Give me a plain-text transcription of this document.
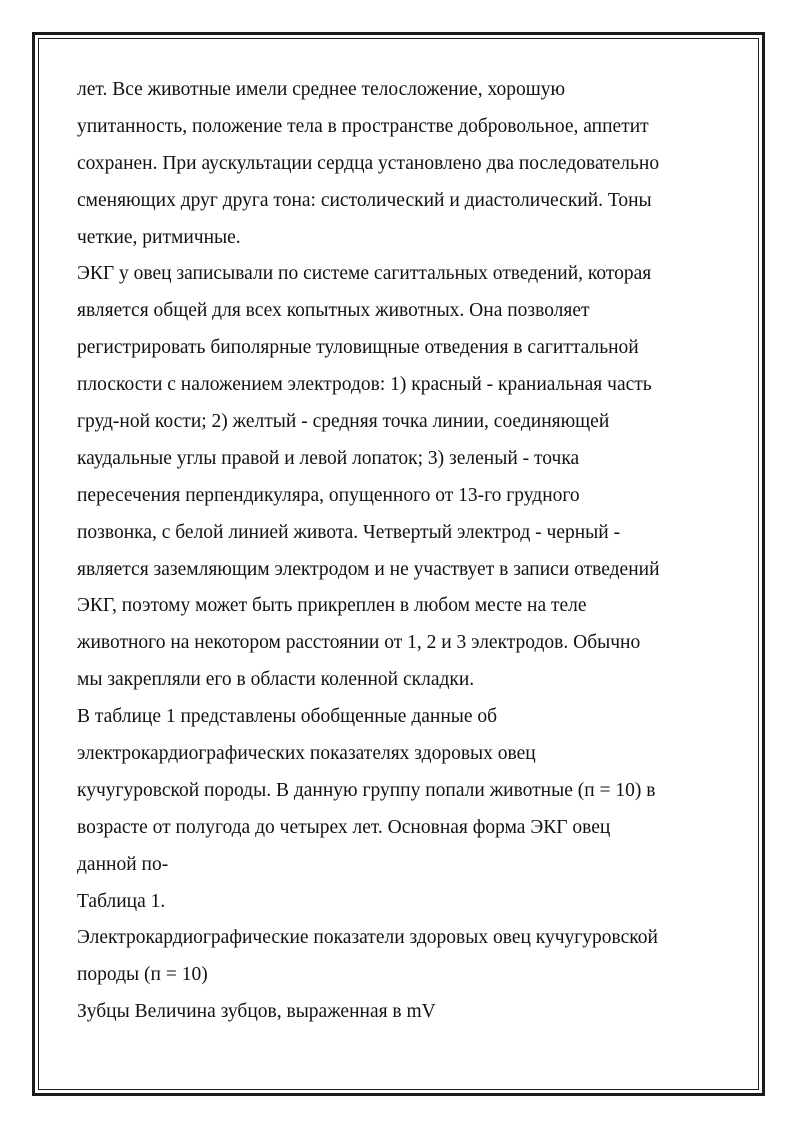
лет. Все животные имели среднее телосложение, хорошую
упитанность, положение тела в пространстве добровольное, аппетит
сохранен. При аускультации сердца установлено два последовательно
сменяющих друг друга тона: систолический и диастолический. Тоны
четкие, ритмичные.
ЭКГ у овец записывали по системе сагиттальных отведений, которая
является общей для всех копытных животных. Она позволяет
регистрировать биполярные туловищные отведения в сагиттальной
плоскости с наложением электродов: 1) красный - краниальная часть
груд-ной кости; 2) желтый - средняя точка линии, соединяющей
каудальные углы правой и левой лопаток; 3) зеленый - точка
пересечения перпендикуляра, опущенного от 13-го грудного
позвонка, с белой линией живота. Четвертый электрод - черный -
является заземляющим электродом и не участвует в записи отведений
ЭКГ, поэтому может быть прикреплен в любом месте на теле
животного на некотором расстоянии от 1, 2 и 3 электродов. Обычно
мы закрепляли его в области коленной складки.
В таблице 1 представлены обобщенные данные об
электрокардиографических показателях здоровых овец
кучугуровской породы. В данную группу попали животные (п = 10) в
возрасте от полугода до четырех лет. Основная форма ЭКГ овец
данной по-
Таблица 1.
Электрокардиографические показатели здоровых овец кучугуровской
породы (п = 10)
Зубцы Величина зубцов, выраженная в mV
